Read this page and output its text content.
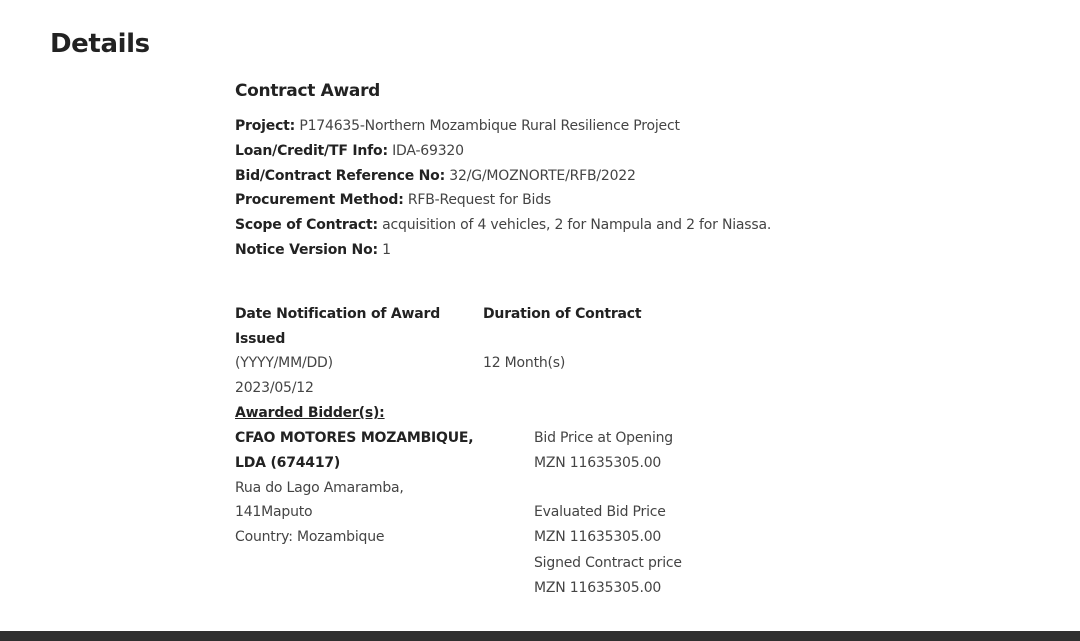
Details
Contract Award
Project: P174635-Northern Mozambique Rural Resilience Project
Loan/Credit/TF Info: IDA-69320
Bid/Contract Reference No: 32/G/MOZNORTE/RFB/2022
Procurement Method: RFB-Request for Bids
Scope of Contract: acquisition of 4 vehicles, 2 for Nampula and 2 for Niassa.
Notice Version No: 1
Date Notification of Award
Issued
(YYYY/MM/DD)
2023/05/12
Duration of Contract
12 Month(s)
Awarded Bidder(s):
CFAO MOTORES MOZAMBIQUE,
LDA (674417)
Rua do Lago Amaramba,
141Maputo
Country: Mozambique
Bid Price at Opening
MZN 11635305.00
Evaluated Bid Price
MZN 11635305.00
Signed Contract price
MZN 11635305.00
